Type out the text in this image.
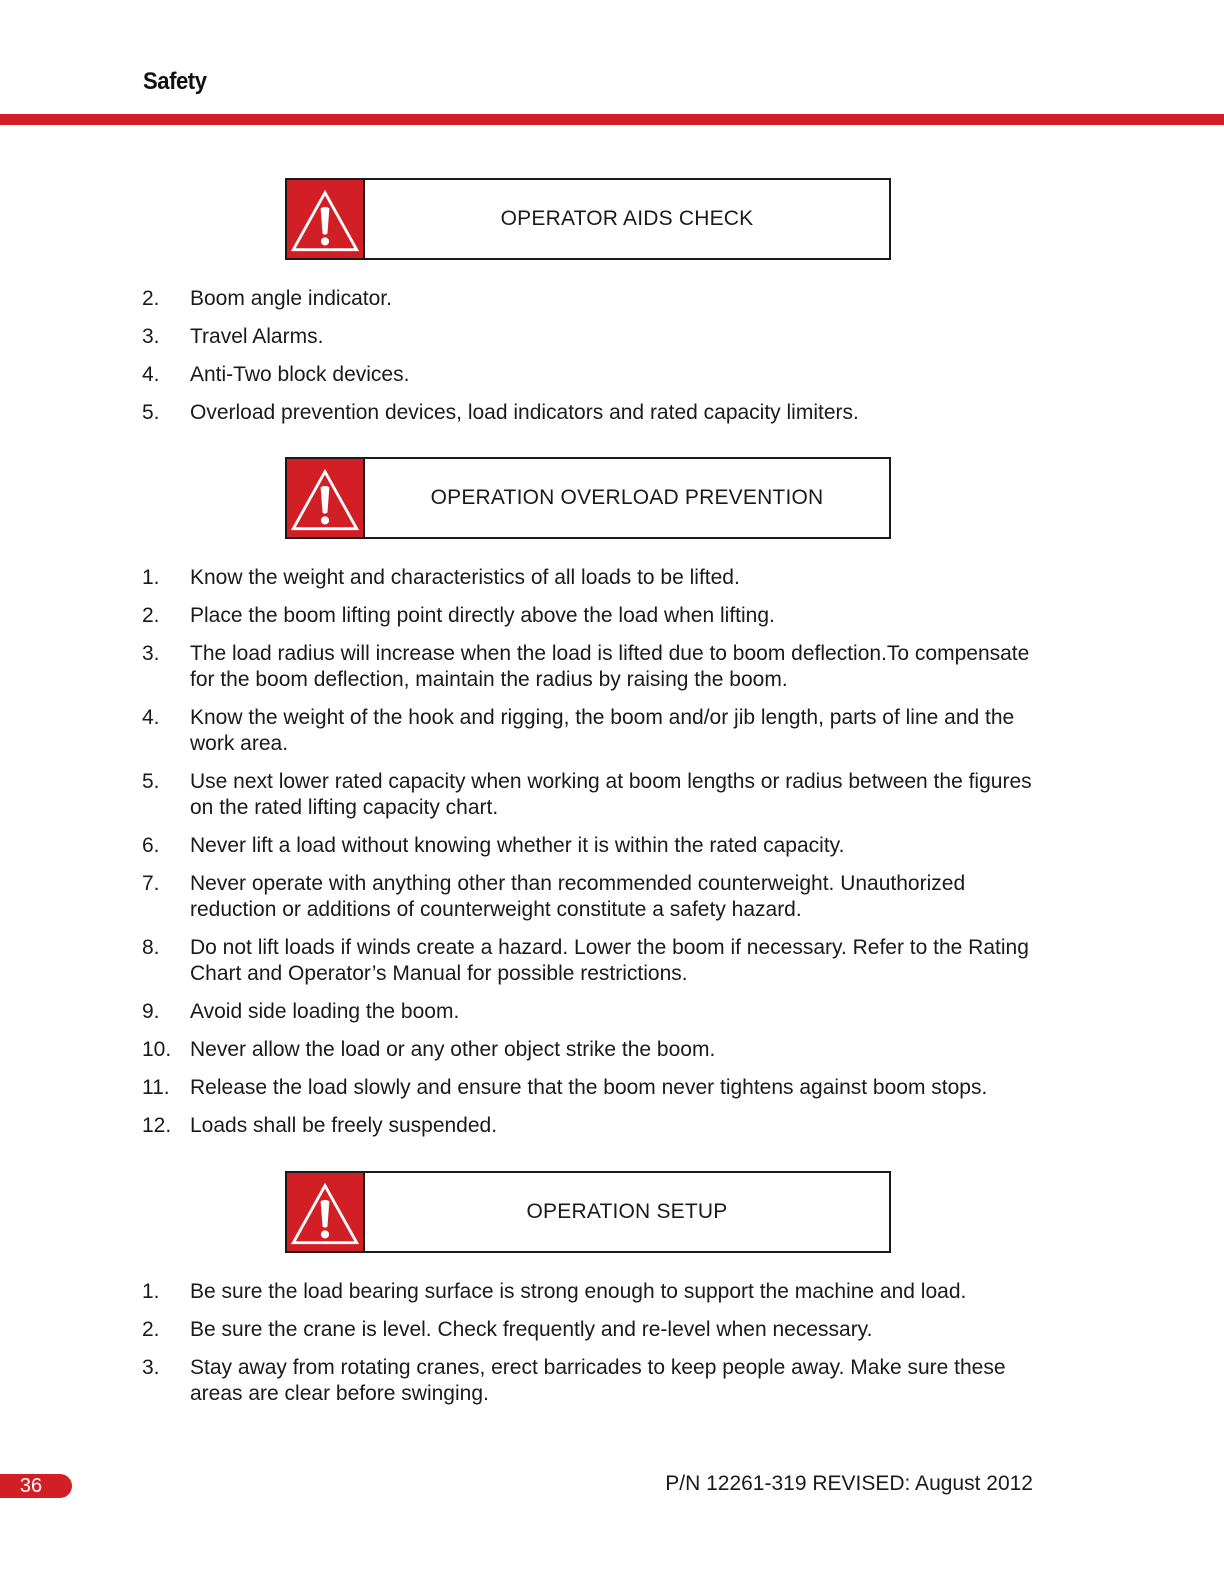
Safety
OPERATOR AIDS CHECK
2.	Boom angle indicator.
3.	Travel Alarms.
4.	Anti-Two block devices.
5.	Overload prevention devices, load indicators and rated capacity limiters.
OPERATION OVERLOAD PREVENTION
1.	Know the weight and characteristics of all loads to be lifted.
2.	Place the boom lifting point directly above the load when lifting.
3.	The load radius will increase when the load is lifted due to boom deflection.To compensate for the boom deflection, maintain the radius by raising the boom.
4.	Know the weight of the hook and rigging, the boom and/or jib length, parts of line and the work area.
5.	Use next lower rated capacity when working at boom lengths or radius between the figures on the rated lifting capacity chart.
6.	Never lift a load without knowing whether it is within the rated capacity.
7.	Never operate with anything other than recommended counterweight. Unauthorized reduction or additions of counterweight constitute a safety hazard.
8.	Do not lift loads if winds create a hazard. Lower the boom if necessary. Refer to the Rating Chart and Operator’s Manual for possible restrictions.
9.	Avoid side loading the boom.
10. Never allow the load or any other object strike the boom.
11. Release the load slowly and ensure that the boom never tightens against boom stops.
12. Loads shall be freely suspended.
OPERATION SETUP
1.	Be sure the load bearing surface is strong enough to support the machine and load.
2.	Be sure the crane is level. Check frequently and re-level when necessary.
3.	Stay away from rotating cranes, erect barricades to keep people away. Make sure these areas are clear before swinging.
36	P/N 12261-319 REVISED: August 2012
